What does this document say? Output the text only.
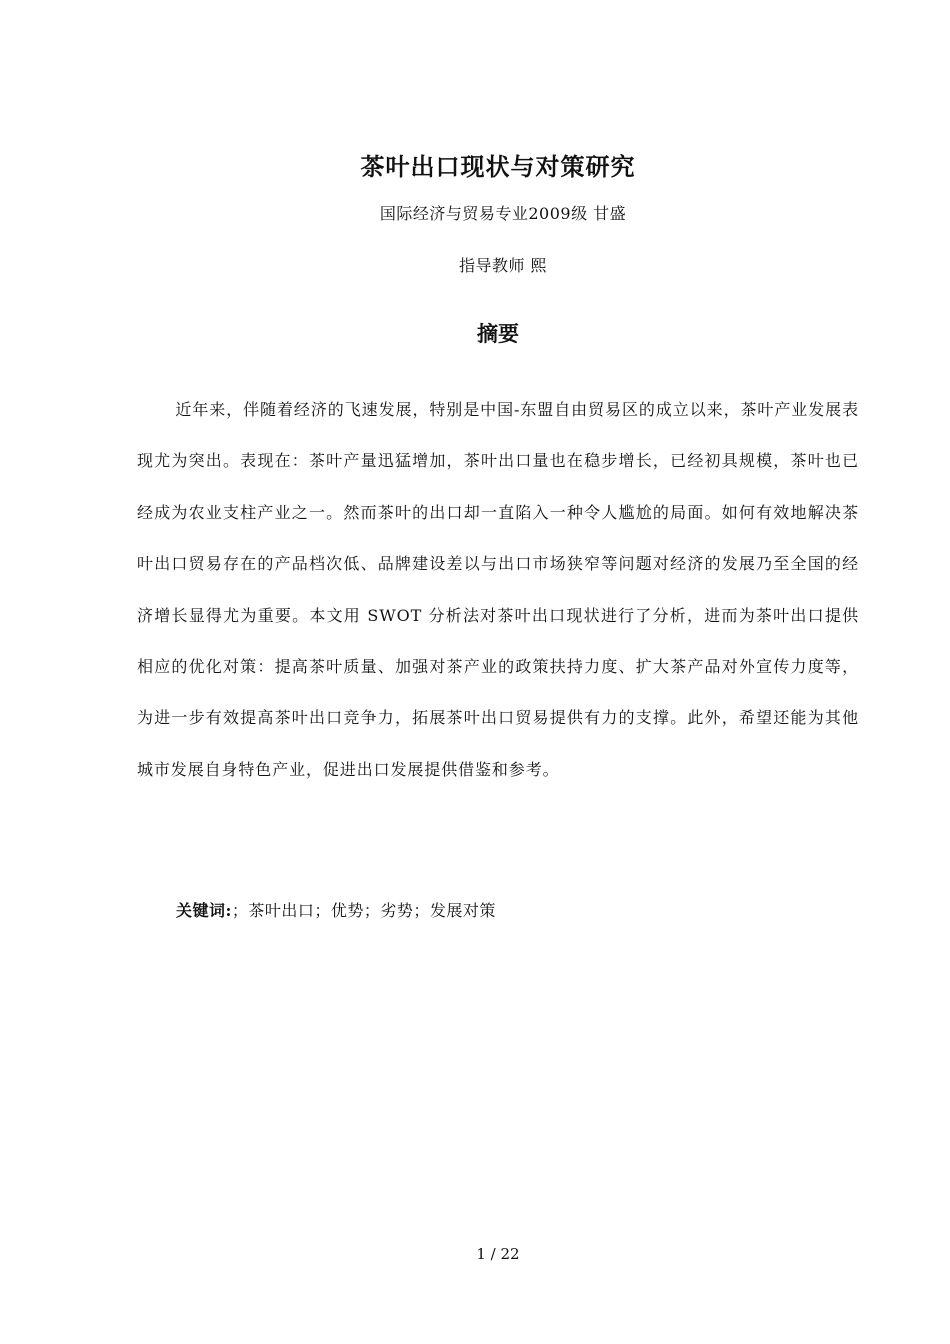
茶叶出口现状与对策研究
国际经济与贸易专业2009级 甘盛
指导教师 熙
摘要

近年来，伴随着经济的飞速发展，特别是中国-东盟自由贸易区的成立以来，茶叶产业发展表现尤为突出。表现在：茶叶产量迅猛增加，茶叶出口量也在稳步增长，已经初具规模，茶叶也已经成为农业支柱产业之一。然而茶叶的出口却一直陷入一种令人尴尬的局面。如何有效地解决茶叶出口贸易存在的产品档次低、品牌建设差以与出口市场狭窄等问题对经济的发展乃至全国的经济增长显得尤为重要。本文用 SWOT 分析法对茶叶出口现状进行了分析，进而为茶叶出口提供相应的优化对策：提高茶叶质量、加强对茶产业的政策扶持力度、扩大茶产品对外宣传力度等，为进一步有效提高茶叶出口竞争力，拓展茶叶出口贸易提供有力的支撑。此外，希望还能为其他城市发展自身特色产业，促进出口发展提供借鉴和参考。

关键词:；茶叶出口；优势；劣势；发展对策
1 / 22
